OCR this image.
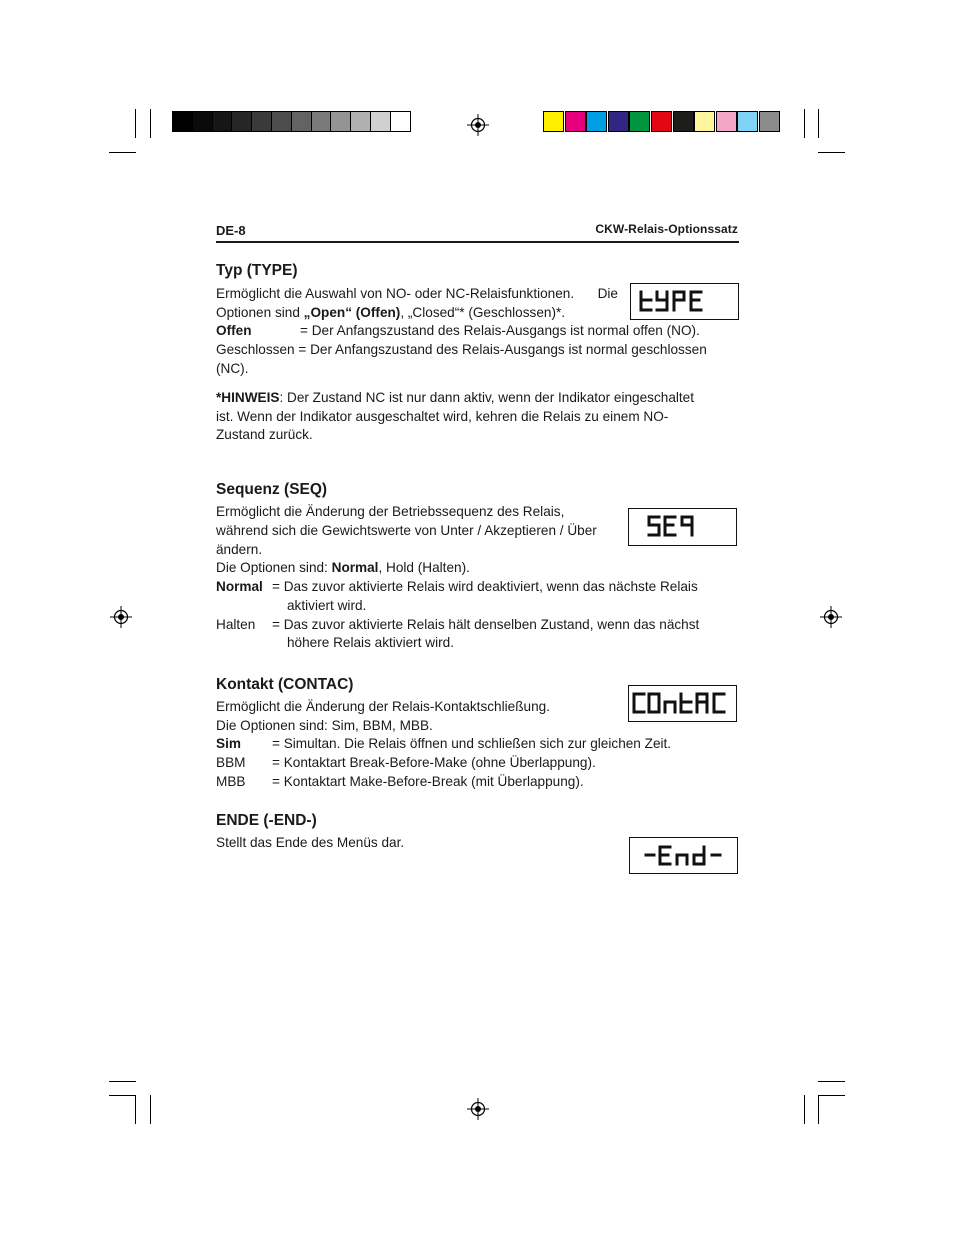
DE-8	CKW-Relais-Optionssatz
Typ (TYPE)
Ermöglicht die Auswahl von NO- oder NC-Relaisfunktionen. Die
Optionen sind „Open“ (Offen), „Closed“* (Geschlossen)*.
Offen	= Der Anfangszustand des Relais-Ausgangs ist normal offen (NO).
Geschlossen = Der Anfangszustand des Relais-Ausgangs ist normal geschlossen
(NC).
*HINWEIS: Der Zustand NC ist nur dann aktiv, wenn der Indikator eingeschaltet
ist. Wenn der Indikator ausgeschaltet wird, kehren die Relais zu einem NO-
Zustand zurück.
Sequenz (SEQ)
Ermöglicht die Änderung der Betriebssequenz des Relais,
während sich die Gewichtswerte von Unter / Akzeptieren / Über
ändern.
Die Optionen sind: Normal, Hold (Halten).
Normal = Das zuvor aktivierte Relais wird deaktiviert, wenn das nächste Relais
aktiviert wird.
Halten = Das zuvor aktivierte Relais hält denselben Zustand, wenn das nächst
höhere Relais aktiviert wird.
Kontakt (CONTAC)
Ermöglicht die Änderung der Relais-Kontaktschließung.
Die Optionen sind: Sim, BBM, MBB.
Sim = Simultan. Die Relais öffnen und schließen sich zur gleichen Zeit.
BBM = Kontaktart Break-Before-Make (ohne Überlappung).
MBB = Kontaktart Make-Before-Break (mit Überlappung).
ENDE (-END-)
Stellt das Ende des Menüs dar.
